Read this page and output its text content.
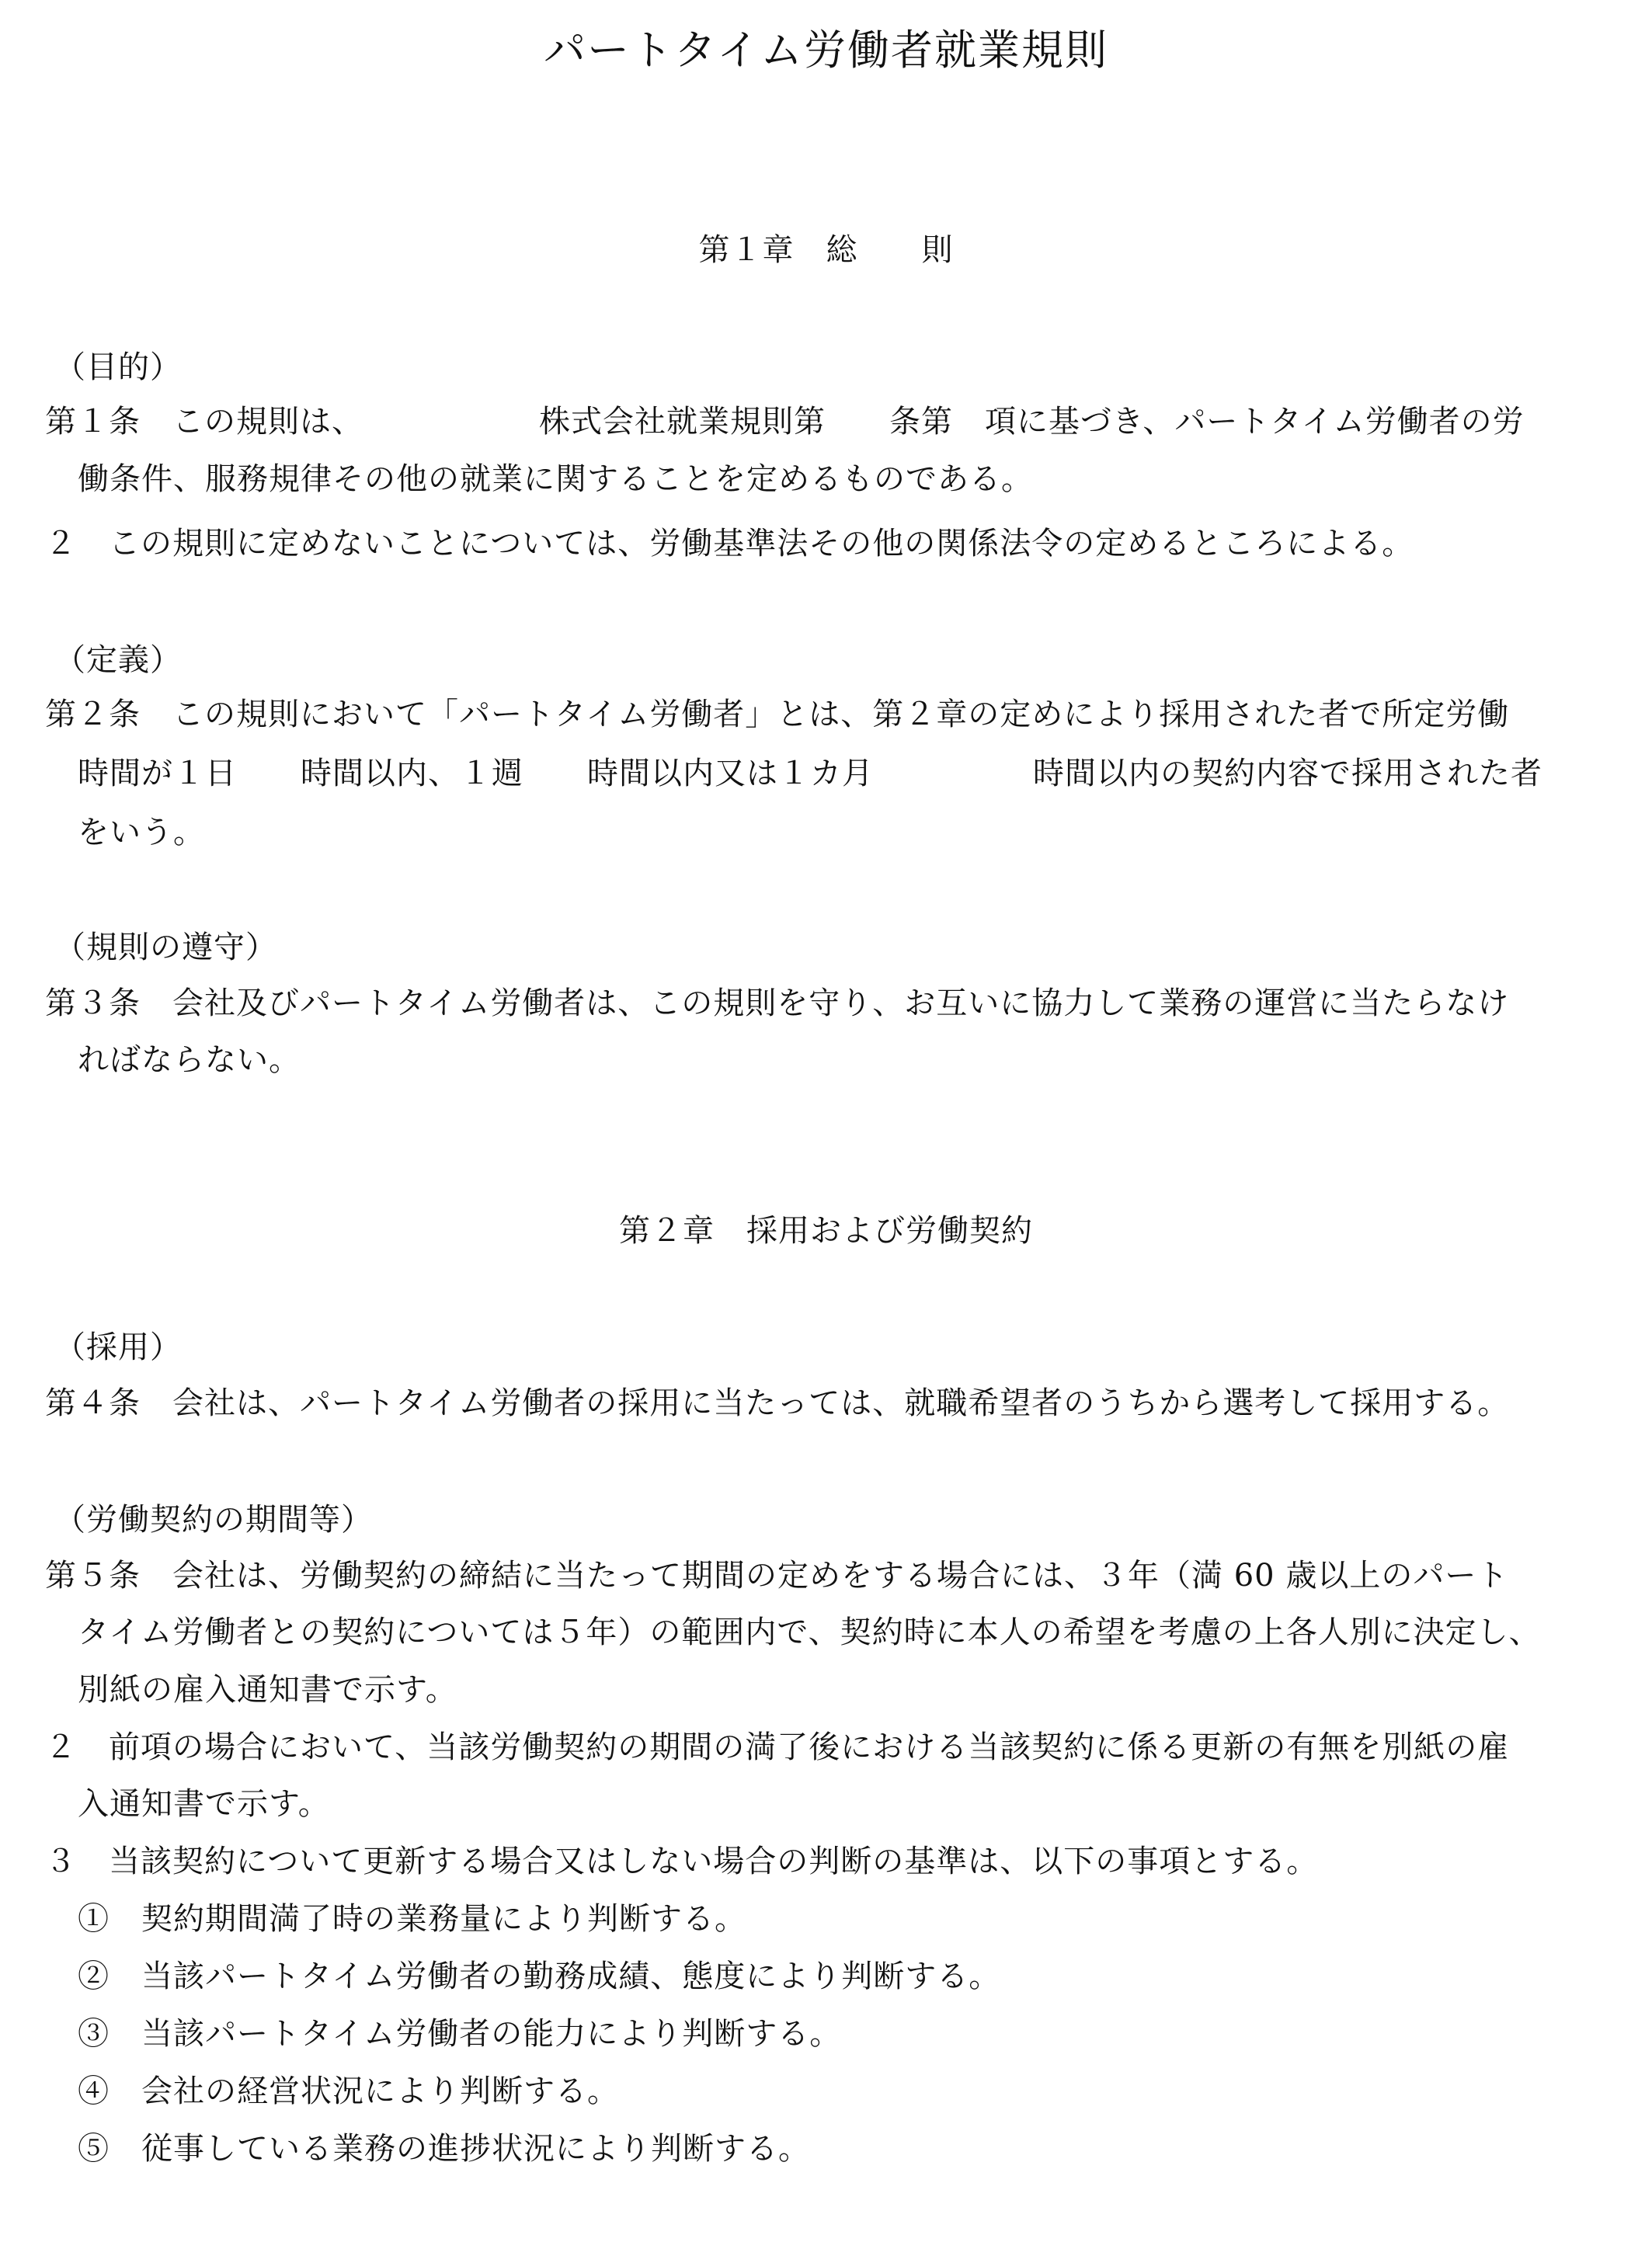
パートタイム労働者就業規則
第１章　総　　則
（目的）
第１条　この規則は、　　　　　　株式会社就業規則第　　条第　項に基づき、パートタイム労働者の労
働条件、服務規律その他の就業に関することを定めるものである。
２　この規則に定めないことについては、労働基準法その他の関係法令の定めるところによる。
（定義）
第２条　この規則において「パートタイム労働者」とは、第２章の定めにより採用された者で所定労働
時間が１日　　時間以内、１週　　時間以内又は１カ月　　　　　時間以内の契約内容で採用された者
をいう。
（規則の遵守）
第３条　会社及びパートタイム労働者は、この規則を守り、お互いに協力して業務の運営に当たらなけ
ればならない。
第２章　採用および労働契約
（採用）
第４条　会社は、パートタイム労働者の採用に当たっては、就職希望者のうちから選考して採用する。
（労働契約の期間等）
第５条　会社は、労働契約の締結に当たって期間の定めをする場合には、３年（満 60 歳以上のパート
タイム労働者との契約については５年）の範囲内で、契約時に本人の希望を考慮の上各人別に決定し、
別紙の雇入通知書で示す。
２　前項の場合において、当該労働契約の期間の満了後における当該契約に係る更新の有無を別紙の雇
入通知書で示す。
３　当該契約について更新する場合又はしない場合の判断の基準は、以下の事項とする。
①　契約期間満了時の業務量により判断する。
②　当該パートタイム労働者の勤務成績、態度により判断する。
③　当該パートタイム労働者の能力により判断する。
④　会社の経営状況により判断する。
⑤　従事している業務の進捗状況により判断する。
